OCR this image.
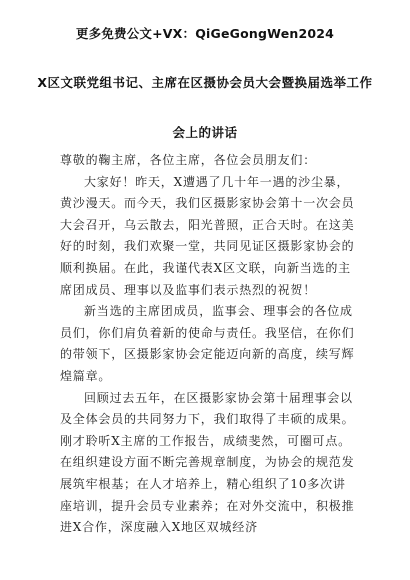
更多免费公文+VX：QiGeGongWen2024
X区文联党组书记、主席在区摄协会员大会暨换届选举工作
会上的讲话

尊敬的鞠主席，各位主席，各位会员朋友们：

大家好！昨天，X遭遇了几十年一遇的沙尘暴，黄沙漫天。而今天，我们区摄影家协会第十一次会员大会召开，乌云散去，阳光普照，正合天时。在这美好的时刻，我们欢聚一堂，共同见证区摄影家协会的顺利换届。在此，我谨代表X区文联，向新当选的主席团成员、理事以及监事们表示热烈的祝贺！

新当选的主席团成员，监事会、理事会的各位成员们，你们肩负着新的使命与责任。我坚信，在你们的带领下，区摄影家协会定能迈向新的高度，续写辉煌篇章。

回顾过去五年，在区摄影家协会第十届理事会以及全体会员的共同努力下，我们取得了丰硕的成果。刚才聆听X主席的工作报告，成绩斐然，可圈可点。在组织建设方面不断完善规章制度，为协会的规范发展筑牢根基；在人才培养上，精心组织了10多次讲座培训，提升会员专业素养；在对外交流中，积极推进X合作，深度融入X地区双城经济
